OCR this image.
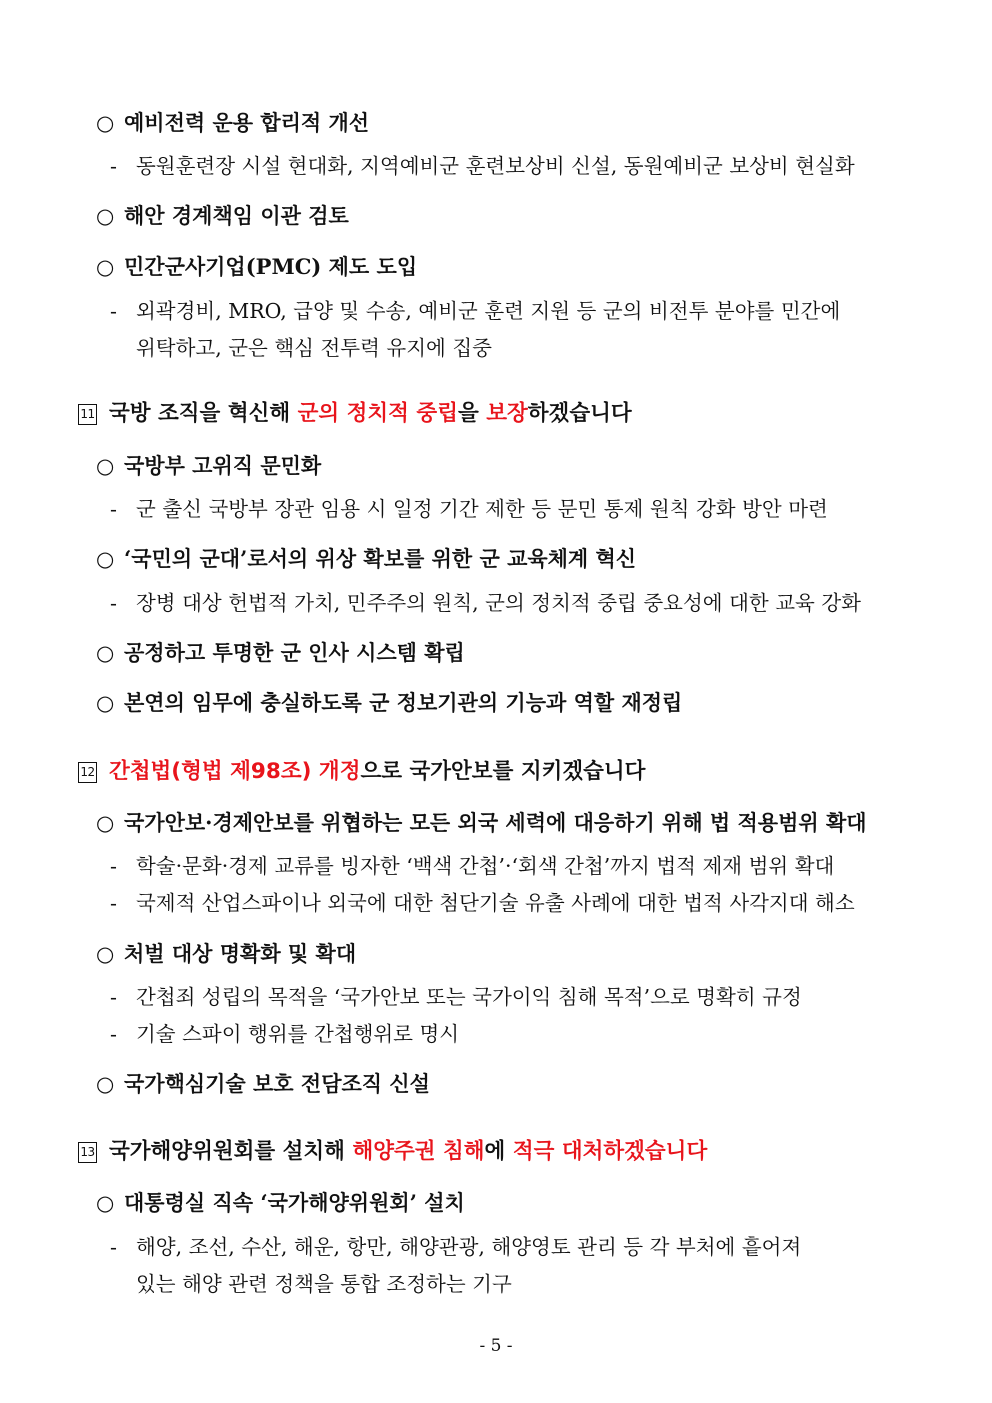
○ 예비전력 운용 합리적 개선
- 동원훈련장 시설 현대화, 지역예비군 훈련보상비 신설, 동원예비군 보상비 현실화
○ 해안 경계책임 이관 검토
○ 민간군사기업(PMC) 제도 도입
- 외곽경비, MRO, 급양 및 수송, 예비군 훈련 지원 등 군의 비전투 분야를 민간에
위탁하고, 군은 핵심 전투력 유지에 집중
11 국방 조직을 혁신해 군의 정치적 중립을 보장하겠습니다
○ 국방부 고위직 문민화
- 군 출신 국방부 장관 임용 시 일정 기간 제한 등 문민 통제 원칙 강화 방안 마련
○ ‘국민의 군대’로서의 위상 확보를 위한 군 교육체계 혁신
- 장병 대상 헌법적 가치, 민주주의 원칙, 군의 정치적 중립 중요성에 대한 교육 강화
○ 공정하고 투명한 군 인사 시스템 확립
○ 본연의 임무에 충실하도록 군 정보기관의 기능과 역할 재정립
12 간첩법(형법 제98조) 개정으로 국가안보를 지키겠습니다
○ 국가안보·경제안보를 위협하는 모든 외국 세력에 대응하기 위해 법 적용범위 확대
- 학술·문화·경제 교류를 빙자한 ‘백색 간첩’·‘회색 간첩’까지 법적 제재 범위 확대
- 국제적 산업스파이나 외국에 대한 첨단기술 유출 사례에 대한 법적 사각지대 해소
○ 처벌 대상 명확화 및 확대
- 간첩죄 성립의 목적을 ‘국가안보 또는 국가이익 침해 목적’으로 명확히 규정
- 기술 스파이 행위를 간첩행위로 명시
○ 국가핵심기술 보호 전담조직 신설
13 국가해양위원회를 설치해 해양주권 침해에 적극 대처하겠습니다
○ 대통령실 직속 ‘국가해양위원회’ 설치
- 해양, 조선, 수산, 해운, 항만, 해양관광, 해양영토 관리 등 각 부처에 흩어져
있는 해양 관련 정책을 통합 조정하는 기구
- 5 -
